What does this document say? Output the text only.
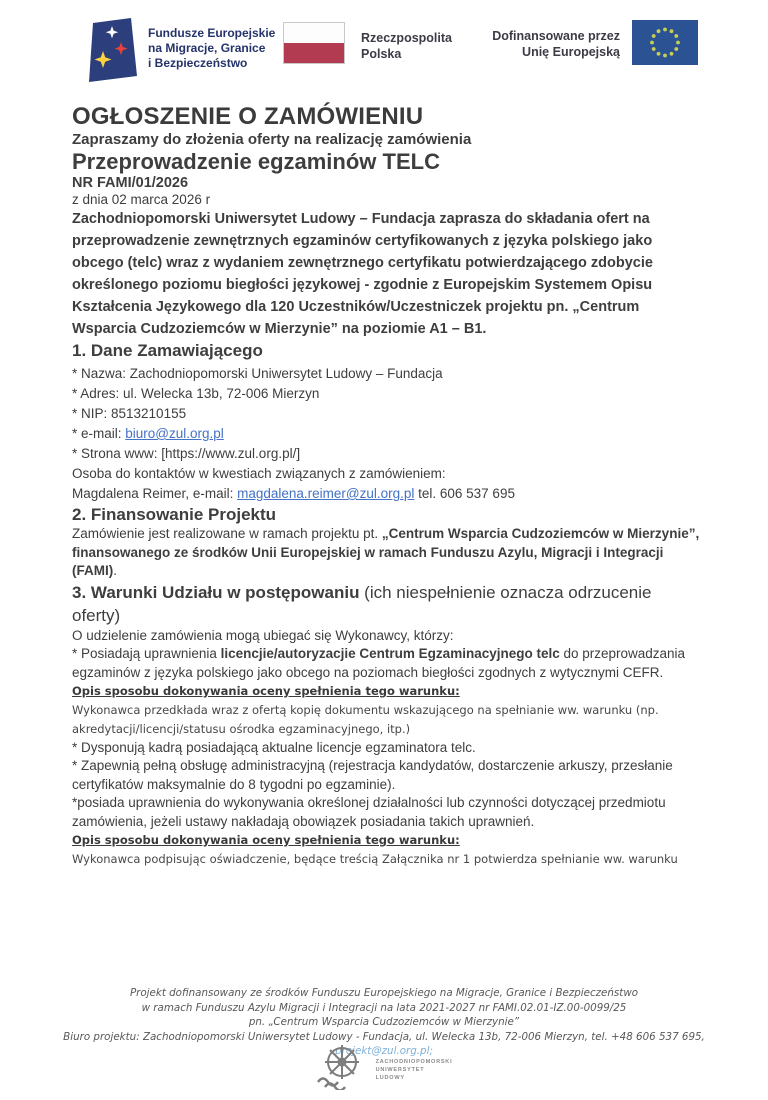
Fundusze Europejskie
na Migracje, Granice
i Bezpieczeństwo
Rzeczpospolita
Polska
Dofinansowane przez
Unię Europejską
OGŁOSZENIE O ZAMÓWIENIU

Zapraszamy do złożenia oferty na realizację zamówienia

Przeprowadzenie egzaminów TELC

NR FAMI/01/2026

z dnia 02 marca 2026 r

Zachodniopomorski Uniwersytet Ludowy – Fundacja zaprasza do składania ofert na przeprowadzenie zewnętrznych egzaminów certyfikowanych z języka polskiego jako obcego (telc) wraz z wydaniem zewnętrznego certyfikatu potwierdzającego zdobycie określonego poziomu biegłości językowej - zgodnie z Europejskim Systemem Opisu Kształcenia Językowego dla 120 Uczestników/Uczestniczek projektu pn. „Centrum Wsparcia Cudzoziemców w Mierzynie” na poziomie A1 – B1.

1. Dane Zamawiającego

* Nazwa: Zachodniopomorski Uniwersytet Ludowy – Fundacja

* Adres: ul. Welecka 13b, 72-006 Mierzyn

* NIP: 8513210155

* e-mail: biuro@zul.org.pl

* Strona www: [https://www.zul.org.pl/]

Osoba do kontaktów w kwestiach związanych z zamówieniem:

Magdalena Reimer, e-mail: magdalena.reimer@zul.org.pl tel. 606 537 695

2. Finansowanie Projektu

Zamówienie jest realizowane w ramach projektu pt. „Centrum Wsparcia Cudzoziemców w Mierzynie”, finansowanego ze środków Unii Europejskiej w ramach Funduszu Azylu, Migracji i Integracji (FAMI).

3. Warunki Udziału w postępowaniu (ich niespełnienie oznacza odrzucenie oferty)

O udzielenie zamówienia mogą ubiegać się Wykonawcy, którzy:

* Posiadają uprawnienia licencjie/autoryzacjie Centrum Egzaminacyjnego telc do przeprowadzania egzaminów z języka polskiego jako obcego na poziomach biegłości zgodnych z wytycznymi CEFR.

Opis sposobu dokonywania oceny spełnienia tego warunku:

Wykonawca przedkłada wraz z ofertą kopię dokumentu wskazującego na spełnianie ww. warunku (np. akredytacji/licencji/statusu ośrodka egzaminacyjnego, itp.)

* Dysponują kadrą posiadającą aktualne licencje egzaminatora telc.

* Zapewnią pełną obsługę administracyjną (rejestracja kandydatów, dostarczenie arkuszy, przesłanie certyfikatów maksymalnie do 8 tygodni po egzaminie).

*posiada uprawnienia do wykonywania określonej działalności lub czynności dotyczącej przedmiotu zamówienia, jeżeli ustawy nakładają obowiązek posiadania takich uprawnień.

Opis sposobu dokonywania oceny spełnienia tego warunku:

Wykonawca podpisując oświadczenie, będące treścią Załącznika nr 1 potwierdza spełnianie ww. warunku

Projekt dofinansowany ze środków Funduszu Europejskiego na Migracje, Granice i Bezpieczeństwo
w ramach Funduszu Azylu Migracji i Integracji na lata 2021-2027 nr FAMI.02.01-IZ.00-0099/25
pn. „Centrum Wsparcia Cudzoziemców w Mierzynie”
Biuro projektu: Zachodniopomorski Uniwersytet Ludowy - Fundacja, ul. Welecka 13b, 72-006 Mierzyn, tel. +48 606 537 695,
projekt@zul.org.pl;
ZACHODNIOPOMORSKI
UNIWERSYTET
LUDOWY
